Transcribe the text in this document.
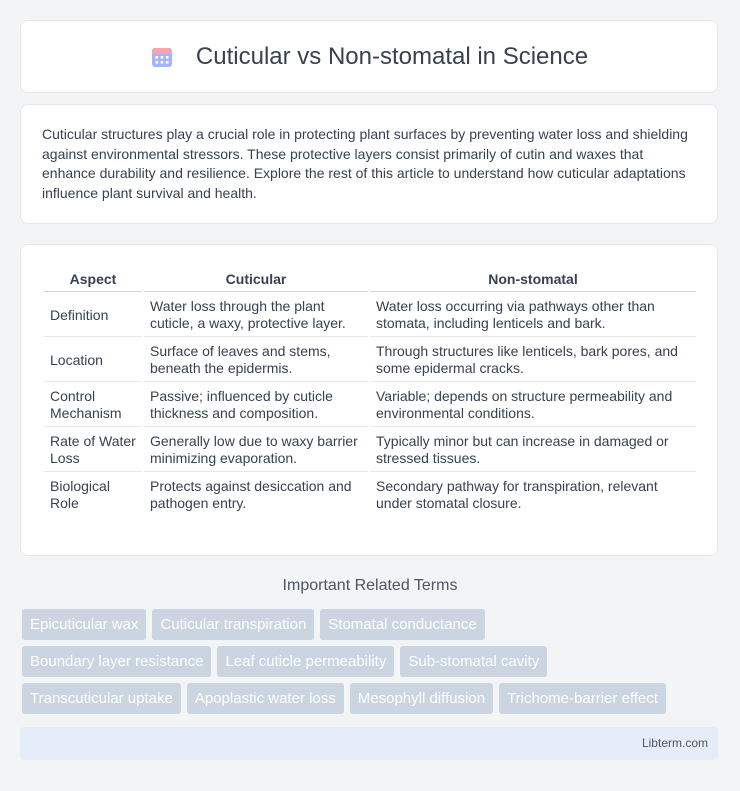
Cuticular vs Non-stomatal in Science

Cuticular structures play a crucial role in protecting plant surfaces by preventing water loss and shielding against environmental stressors. These protective layers consist primarily of cutin and waxes that enhance durability and resilience. Explore the rest of this article to understand how cuticular adaptations influence plant survival and health.

Aspect	Cuticular	Non-stomatal
Definition	Water loss through the plant cuticle, a waxy, protective layer.	Water loss occurring via pathways other than stomata, including lenticels and bark.
Location	Surface of leaves and stems, beneath the epidermis.	Through structures like lenticels, bark pores, and some epidermal cracks.
Control Mechanism	Passive; influenced by cuticle thickness and composition.	Variable; depends on structure permeability and environmental conditions.
Rate of Water Loss	Generally low due to waxy barrier minimizing evaporation.	Typically minor but can increase in damaged or stressed tissues.
Biological Role	Protects against desiccation and pathogen entry.	Secondary pathway for transpiration, relevant under stomatal closure.
Important Related Terms
Epicuticular wax	Cuticular transpiration	Stomatal conductance
Boundary layer resistance	Leaf cuticle permeability	Sub-stomatal cavity
Transcuticular uptake	Apoplastic water loss	Mesophyll diffusion	Trichome-barrier effect
Libterm.com
